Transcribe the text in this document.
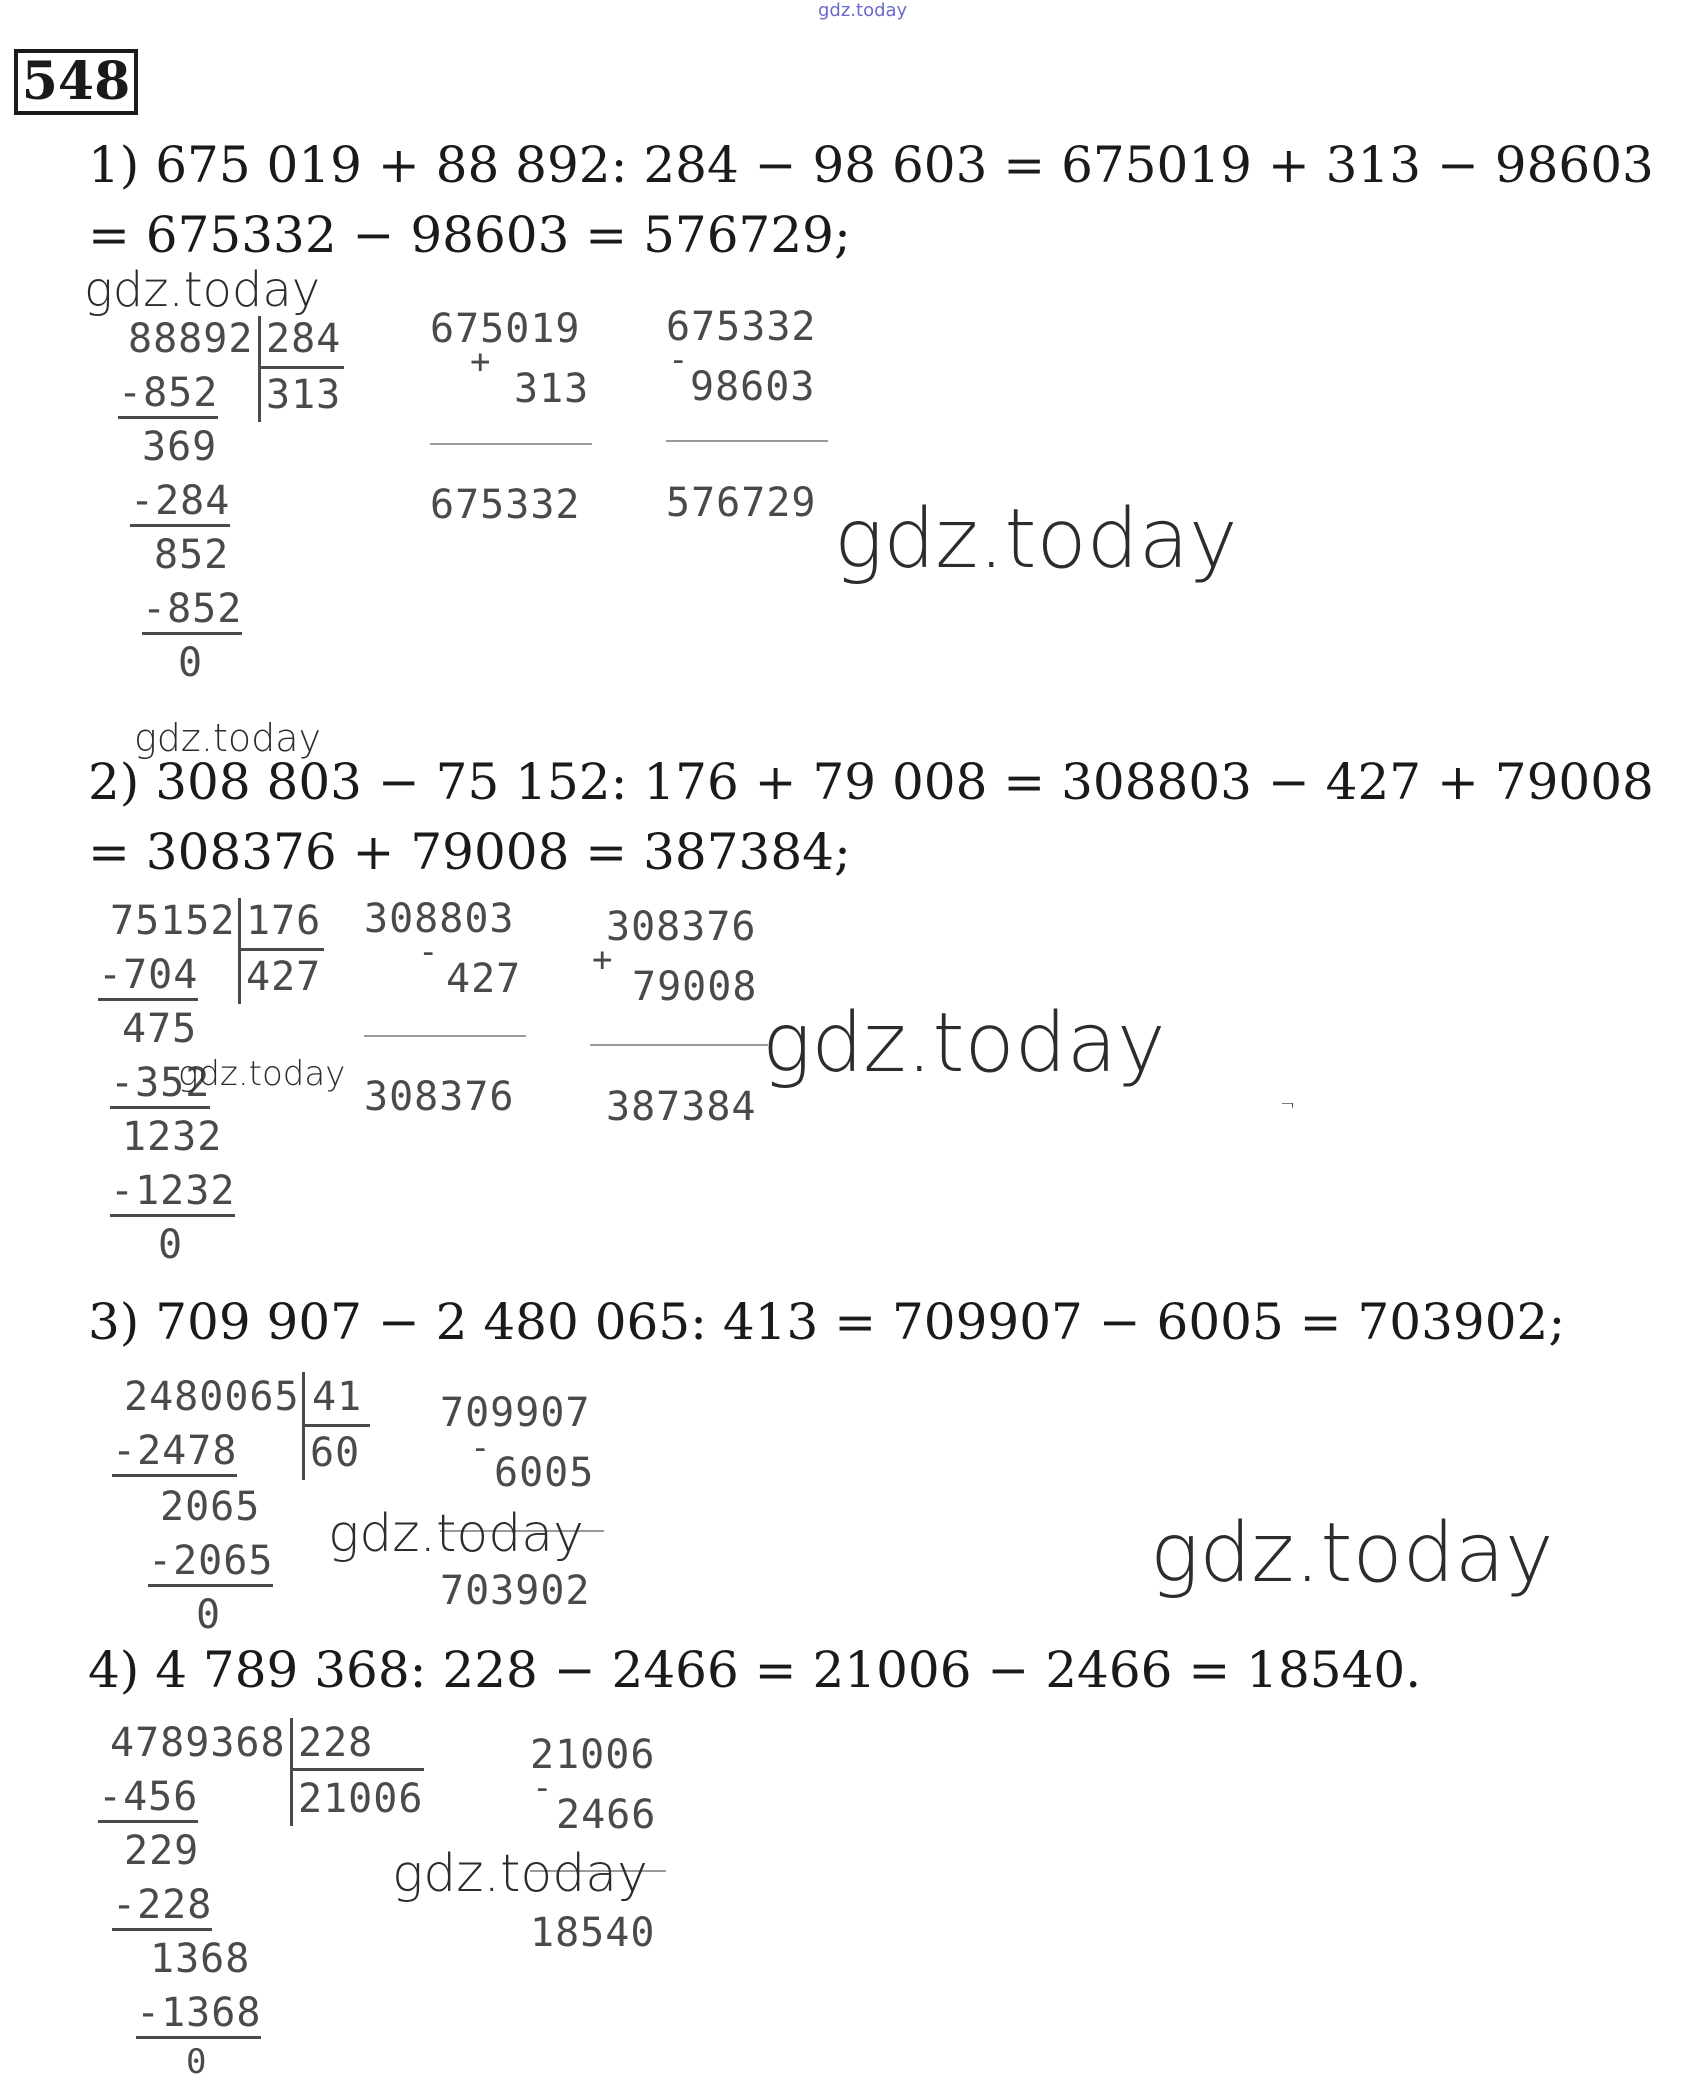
gdz.today
548
1) 675 019 + 88 892: 284 − 98 603 = 675019 + 313 − 98603
= 675332 − 98603 = 576729;
88892 284
313
-852
369
-284
852
-852
0
675019
+
313
675332
675332
-
98603
576729
gdz.today
gdz.today
gdz.today
2) 308 803 − 75 152: 176 + 79 008 = 308803 − 427 + 79008
= 308376 + 79008 = 387384;
75152 176
427
-704
475
-352
1232
-1232
0
308803
-
427
308376
308376
+
79008
387384
gdz.today	gdz.today
¬
3) 709 907 − 2 480 065: 413 = 709907 − 6005 = 703902;
2480065 41
60
-2478
2065
-2065
0
709907
-
6005
703902
gdz.today	gdz.today
4) 4 789 368: 228 − 2466 = 21006 − 2466 = 18540.
4789368 228
21006
-456
229
-228
1368
-1368
0
21006
-
2466
18540
gdz.today
